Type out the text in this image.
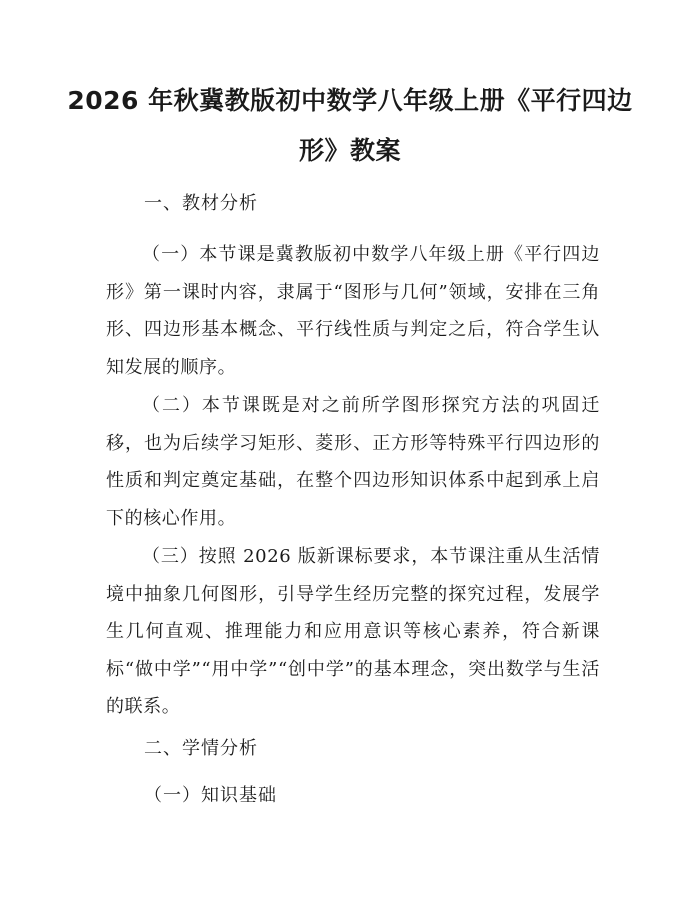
2026 年秋冀教版初中数学八年级上册《平行四边形》教案

一、教材分析

（一）本节课是冀教版初中数学八年级上册《平行四边形》第一课时内容，隶属于“图形与几何”领域，安排在三角形、四边形基本概念、平行线性质与判定之后，符合学生认知发展的顺序。

（二）本节课既是对之前所学图形探究方法的巩固迁移，也为后续学习矩形、菱形、正方形等特殊平行四边形的性质和判定奠定基础，在整个四边形知识体系中起到承上启下的核心作用。

（三）按照 2026 版新课标要求，本节课注重从生活情境中抽象几何图形，引导学生经历完整的探究过程，发展学生几何直观、推理能力和应用意识等核心素养，符合新课标“做中学”“用中学”“创中学”的基本理念，突出数学与生活的联系。

二、学情分析

（一）知识基础
